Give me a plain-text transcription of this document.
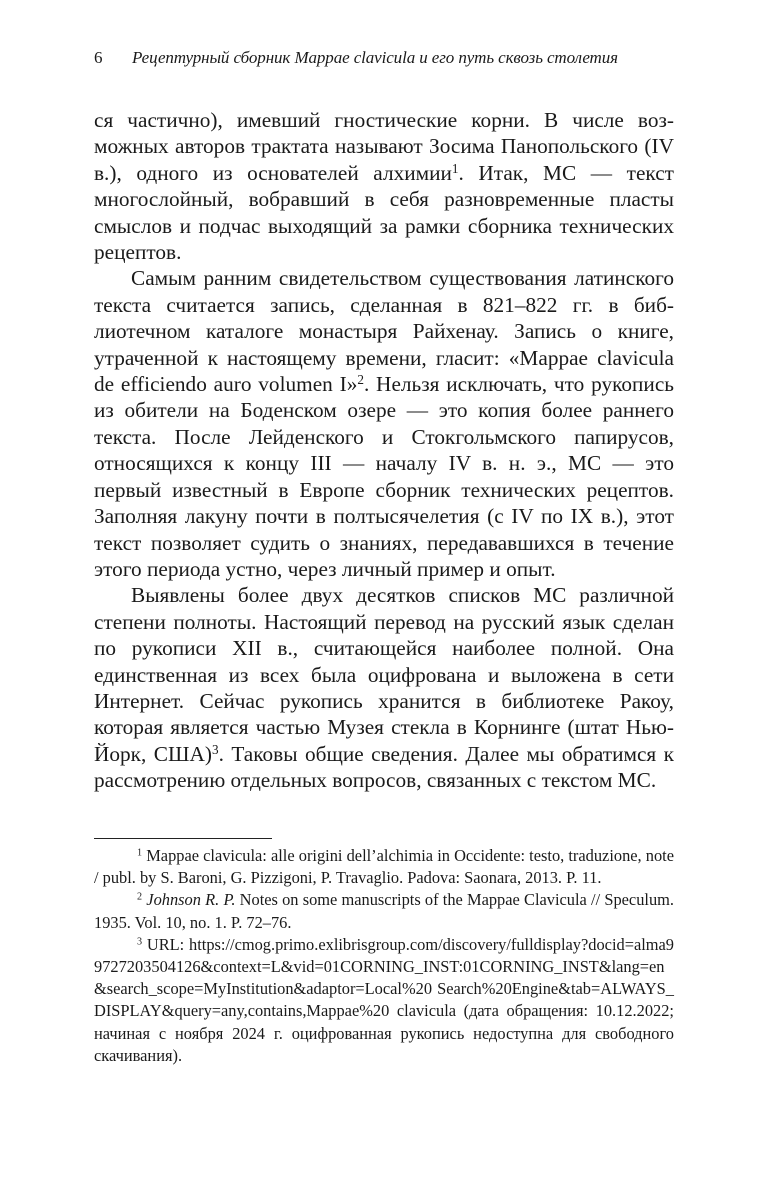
6 Рецептурный сборник Mappae clavicula и его путь сквозь столетия

ся частично), имевший гностические корни. В числе возможных авторов трактата называют Зосима Панопольского (IV в.), одного из основателей алхимии$^1$. Итак, МС — текст многослойный, вобравший в себя разновременные пласты смыслов и подчас выходящий за рамки сборника технических рецептов.

Самым ранним свидетельством существования латинского текста считается запись, сделанная в 821–822 гг. в библиотечном каталоге монастыря Райхенау. Запись о книге, утраченной к настоящему времени, гласит: «Mappae clavicula de efficiendo auro volumen I»$^2$. Нельзя исключать, что рукопись из обители на Боденском озере — это копия более раннего текста. После Лейденского и Стокгольмского папирусов, относящихся к концу III — началу IV в. н. э., МС — это первый известный в Европе сборник технических рецептов. Заполняя лакуну почти в полтысячелетия (с IV по IX в.), этот текст позволяет судить о знаниях, передававшихся в течение этого периода устно, через личный пример и опыт.

Выявлены более двух десятков списков МС различной степени полноты. Настоящий перевод на русский язык сделан по рукописи XII в., считающейся наиболее полной. Она единственная из всех была оцифрована и выложена в сети Интернет. Сейчас рукопись хранится в библиотеке Ракоу, которая является частью Музея стекла в Корнинге (штат Нью-Йорк, США)$^3$. Таковы общие сведения. Далее мы обратимся к рассмотрению отдельных вопросов, связанных с текстом МС.

$^1$ Mappae clavicula: alle origini dell’alchimia in Occidente: testo, traduzione, note / publ. by S. Baroni, G. Pizzigoni, P. Travaglio. Padova: Saonara, 2013. P. 11.

$^2$ Johnson R. P. Notes on some manuscripts of the Mappae Clavicula // Speculum. 1935. Vol. 10, no. 1. P. 72–76.

$^3$ URL: https://cmog.primo.exlibrisgroup.com/discovery/fulldisplay?docid=alma99727203504126&context=L&vid=01CORNING_INST:01CORNING_INST&lang=en&search_scope=MyInstitution&adaptor=Local%20 Search%20Engine&tab=ALWAYS_DISPLAY&query=any,contains,Mappae%20 clavicula (дата обращения: 10.12.2022; начиная с ноября 2024 г. оцифрованная рукопись недоступна для свободного скачивания).
